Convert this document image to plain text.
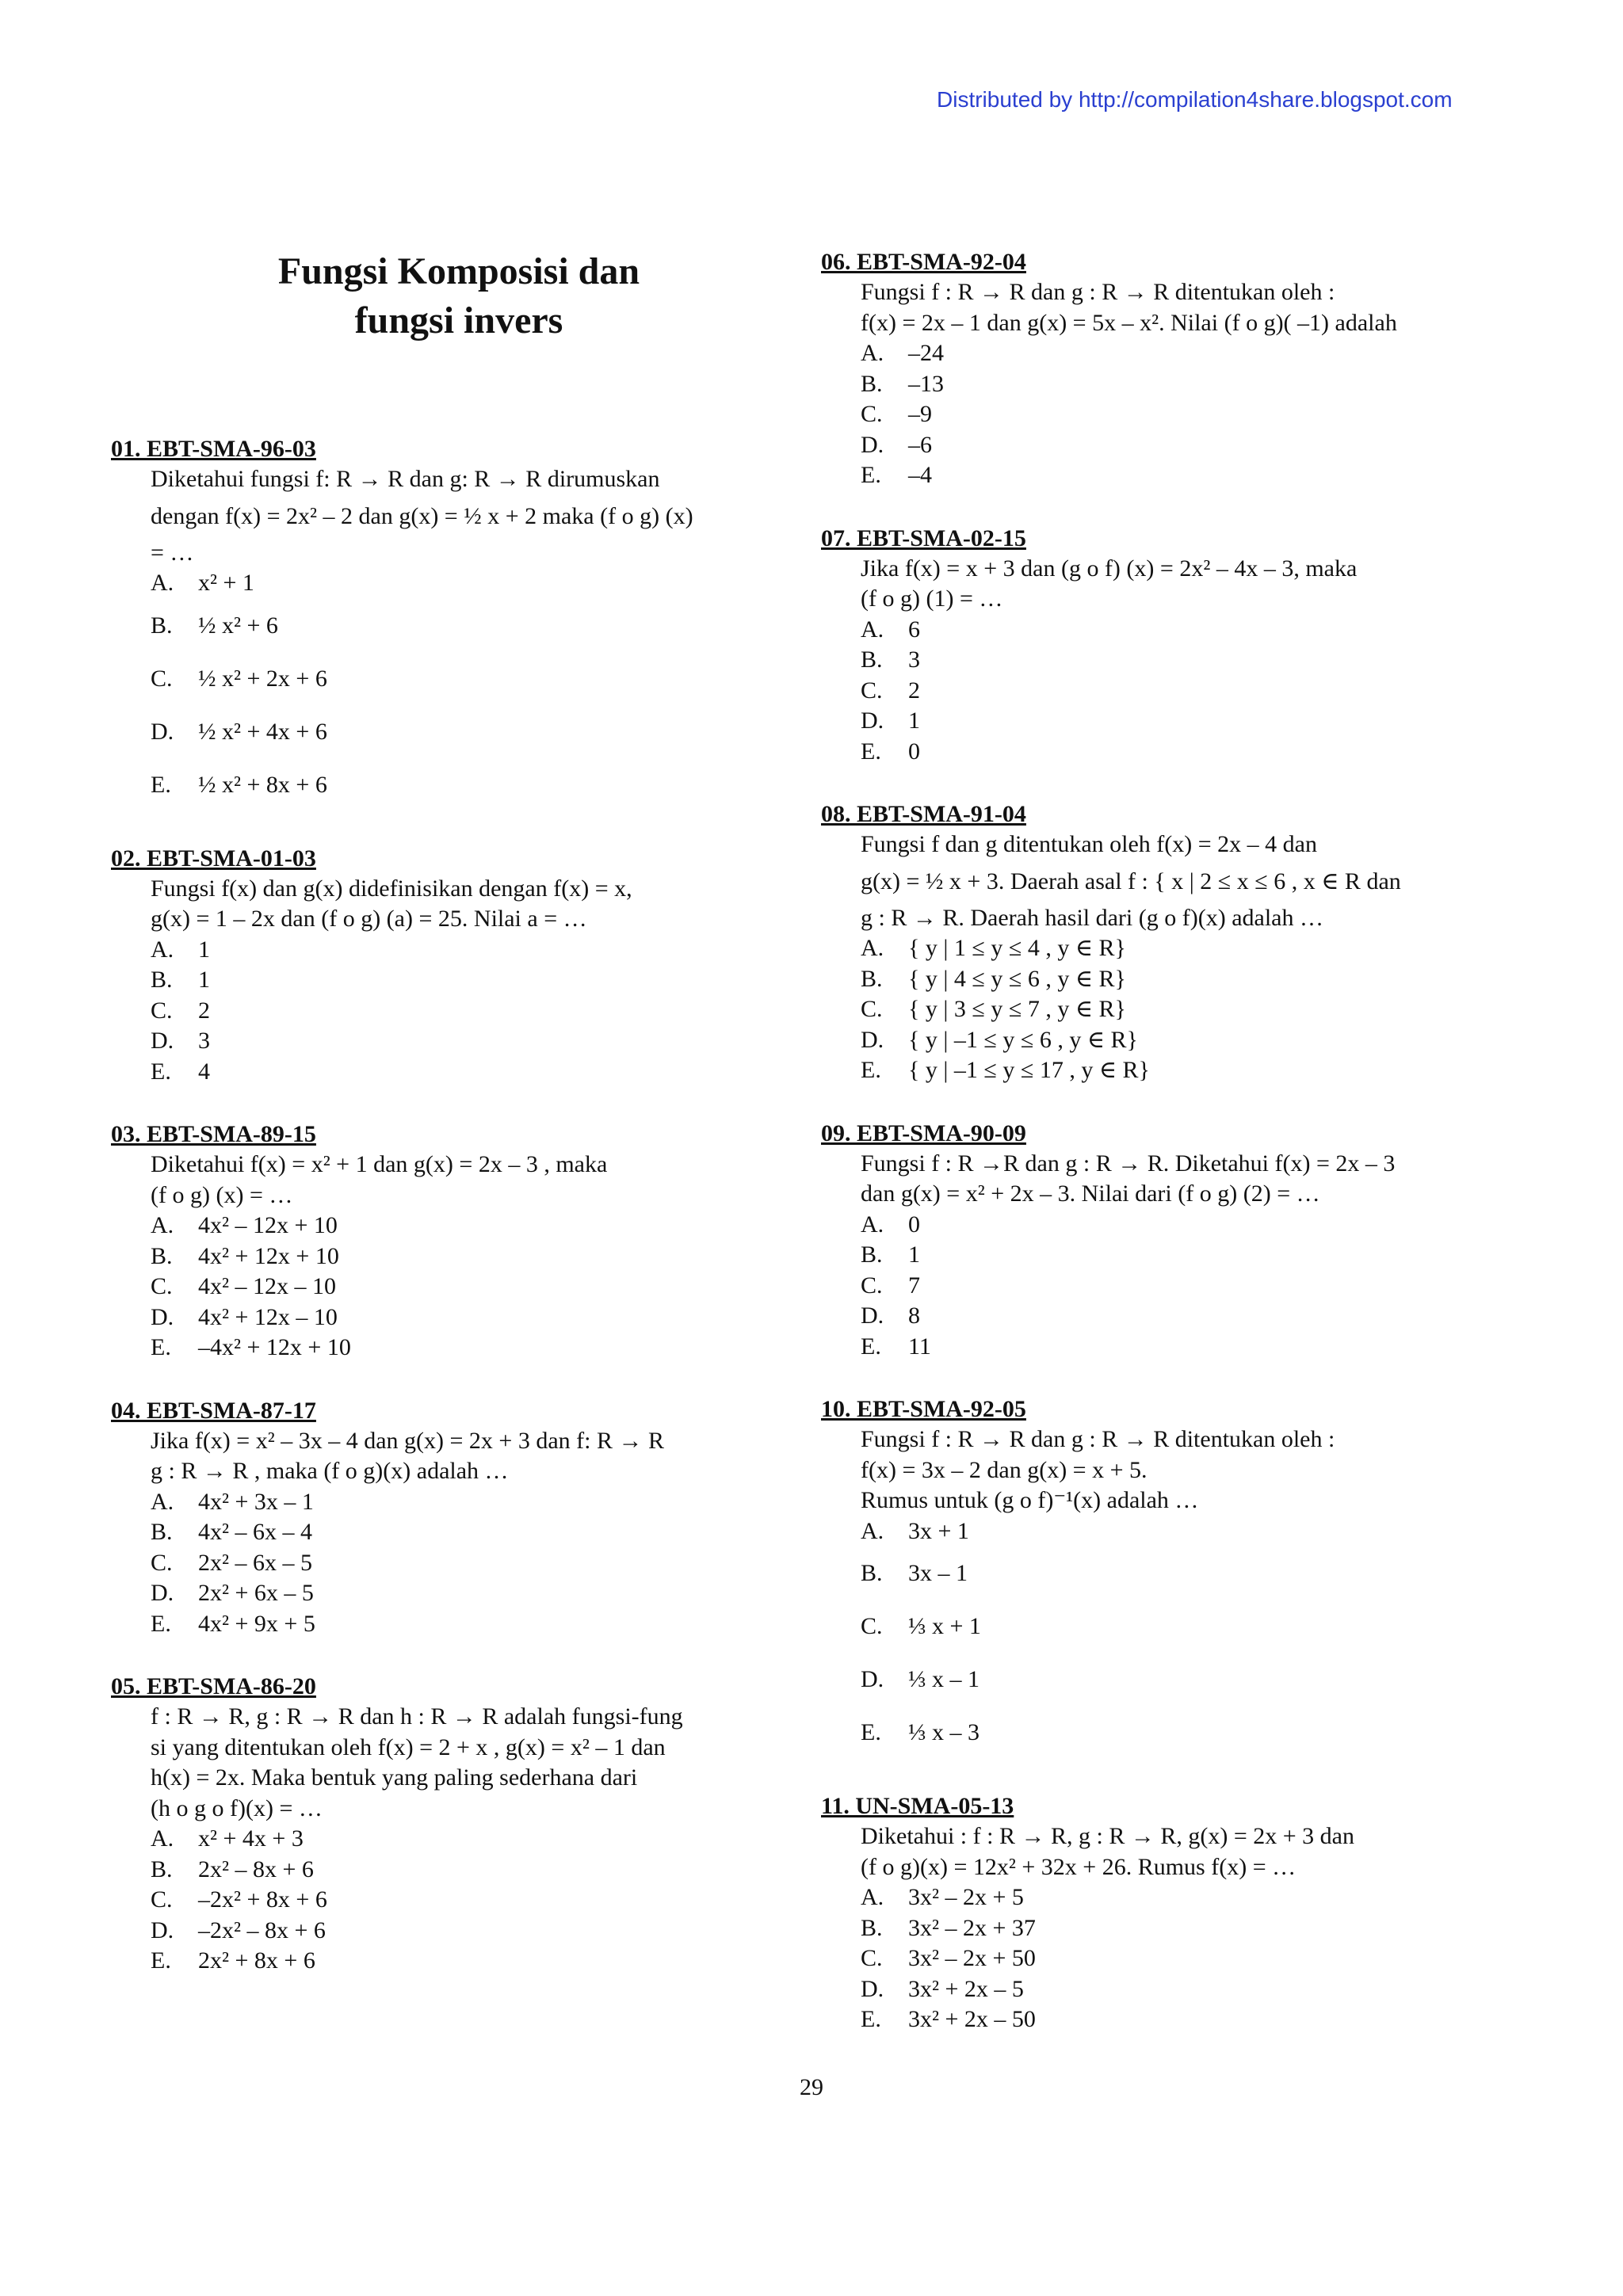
Distributed by http://compilation4share.blogspot.com
Fungsi Komposisi dan
fungsi invers
01. EBT-SMA-96-03
Diketahui fungsi f: R → R dan g: R → R dirumuskan
dengan f(x) = 2x² – 2 dan g(x) = ½ x + 2 maka (f o g) (x)
= …
A. x² + 1
B. ½ x² + 6
C. ½ x² + 2x + 6
D. ½ x² + 4x + 6
E. ½ x² + 8x + 6
02. EBT-SMA-01-03
Fungsi f(x) dan g(x) didefinisikan dengan f(x) = x,
g(x) = 1 – 2x dan (f o g) (a) = 25. Nilai a = …
A. 1
B. 1
C. 2
D. 3
E. 4
03. EBT-SMA-89-15
Diketahui f(x) = x² + 1 dan g(x) = 2x – 3 , maka
(f o g) (x) = …
A. 4x² – 12x + 10
B. 4x² + 12x + 10
C. 4x² – 12x – 10
D. 4x² + 12x – 10
E. –4x² + 12x + 10
04. EBT-SMA-87-17
Jika f(x) = x² – 3x – 4 dan g(x) = 2x + 3 dan f: R → R
g : R → R , maka (f o g)(x) adalah …
A. 4x² + 3x – 1
B. 4x² – 6x – 4
C. 2x² – 6x – 5
D. 2x² + 6x – 5
E. 4x² + 9x + 5
05. EBT-SMA-86-20
f : R → R, g : R → R dan h : R → R adalah fungsi-fung
si yang ditentukan oleh f(x) = 2 + x , g(x) = x² – 1 dan
h(x) = 2x. Maka bentuk yang paling sederhana dari
(h o g o f)(x) = …
A. x² + 4x + 3
B. 2x² – 8x + 6
C. –2x² + 8x + 6
D. –2x² – 8x + 6
E. 2x² + 8x + 6
06. EBT-SMA-92-04
Fungsi f : R → R dan g : R → R ditentukan oleh :
f(x) = 2x – 1 dan g(x) = 5x – x². Nilai (f o g)( –1) adalah
A. –24
B. –13
C. –9
D. –6
E. –4
07. EBT-SMA-02-15
Jika f(x) = x + 3 dan (g o f) (x) = 2x² – 4x – 3, maka
(f o g) (1) = …
A. 6
B. 3
C. 2
D. 1
E. 0
08. EBT-SMA-91-04
Fungsi f dan g ditentukan oleh f(x) = 2x – 4 dan
g(x) = ½ x + 3. Daerah asal f : { x | 2 ≤ x ≤ 6 , x ∈ R dan
g : R → R. Daerah hasil dari (g o f)(x) adalah …
A. { y | 1 ≤ y ≤ 4 , y ∈ R}
B. { y | 4 ≤ y ≤ 6 , y ∈ R}
C. { y | 3 ≤ y ≤ 7 , y ∈ R}
D. { y | –1 ≤ y ≤ 6 , y ∈ R}
E. { y | –1 ≤ y ≤ 17 , y ∈ R}
09. EBT-SMA-90-09
Fungsi f : R →R dan g : R → R. Diketahui f(x) = 2x – 3
dan g(x) = x² + 2x – 3. Nilai dari (f o g) (2) = …
A. 0
B. 1
C. 7
D. 8
E. 11
10. EBT-SMA-92-05
Fungsi f : R → R dan g : R → R ditentukan oleh :
f(x) = 3x – 2 dan g(x) = x + 5.
Rumus untuk (g o f)⁻¹(x) adalah …
A. 3x + 1
B. 3x – 1
C. ⅓ x + 1
D. ⅓ x – 1
E. ⅓ x – 3
11. UN-SMA-05-13
Diketahui : f : R → R, g : R → R, g(x) = 2x + 3 dan
(f o g)(x) = 12x² + 32x + 26. Rumus f(x) = …
A. 3x² – 2x + 5
B. 3x² – 2x + 37
C. 3x² – 2x + 50
D. 3x² + 2x – 5
E. 3x² + 2x – 50
29
